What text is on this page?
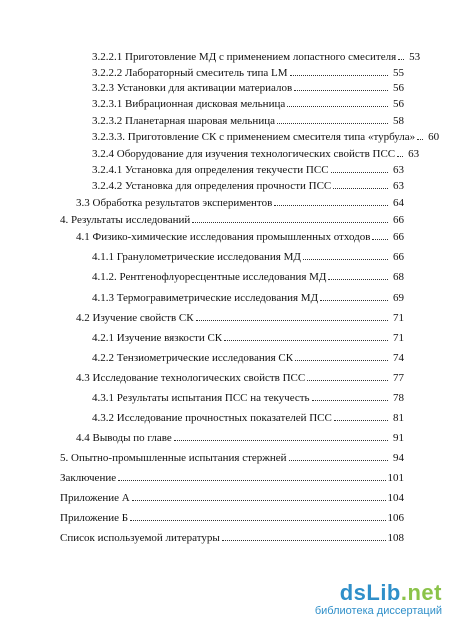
3.2.2.1 Приготовление МД с применением лопастного смесителя 53
3.2.2.2 Лабораторный смеситель типа LM	55
3.2.3 Установки для активации материалов	56
3.2.3.1 Вибрационная дисковая мельница	56
3.2.3.2 Планетарная шаровая мельница	58
3.2.3.3. Приготовление СК с применением смесителя типа «турбула» 60
3.2.4 Оборудование для изучения технологических свойств ПСС 63
3.2.4.1 Установка для определения текучести ПСС	63
3.2.4.2 Установка для определения прочности ПСС	63
3.3 Обработка результатов экспериментов	64
4. Результаты исследований	66
4.1 Физико-химические исследования промышленных отходов 66
4.1.1 Гранулометрические исследования МД	66
4.1.2. Рентгенофлуоресцентные исследования МД	68
4.1.3 Термогравиметрические исследования МД	69
4.2 Изучение свойств СК	71
4.2.1 Изучение вязкости СК	71
4.2.2 Тензиометрические исследования СК	74
4.3 Исследование технологических свойств ПСС	77
4.3.1 Результаты испытания ПСС на текучесть	78
4.3.2 Исследование прочностных показателей ПСС	81
4.4 Выводы по главе	91
5. Опытно-промышленные испытания стержней	94
Заключение	101
Приложение А	104
Приложение Б	106
Список используемой литературы	108
dsLib.net
библиотека диссертаций
